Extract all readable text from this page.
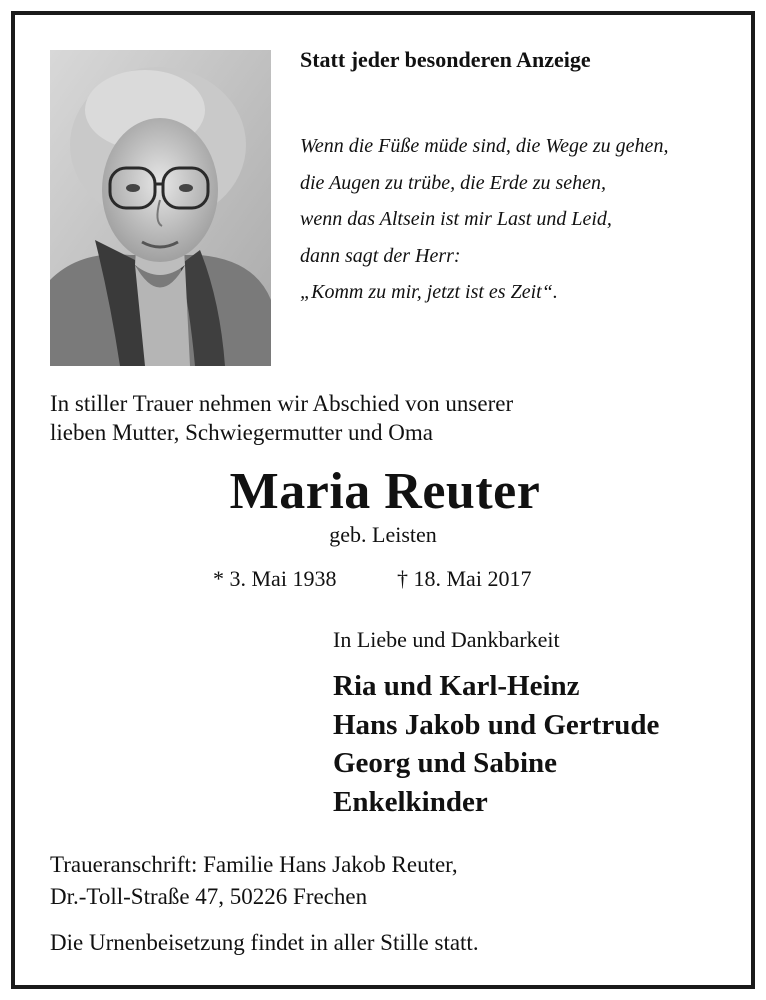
Statt jeder besonderen Anzeige
Wenn die Füße müde sind, die Wege zu gehen,
die Augen zu trübe, die Erde zu sehen,
wenn das Altsein ist mir Last und Leid,
dann sagt der Herr:
„Komm zu mir, jetzt ist es Zeit“.
In stiller Trauer nehmen wir Abschied von unserer
lieben Mutter, Schwiegermutter und Oma
Maria Reuter
geb. Leisten
* 3. Mai 1938	† 18. Mai 2017
In Liebe und Dankbarkeit
Ria und Karl-Heinz
Hans Jakob und Gertrude
Georg und Sabine
Enkelkinder
Traueranschrift: Familie Hans Jakob Reuter,
Dr.-Toll-Straße 47, 50226 Frechen
Die Urnenbeisetzung findet in aller Stille statt.
